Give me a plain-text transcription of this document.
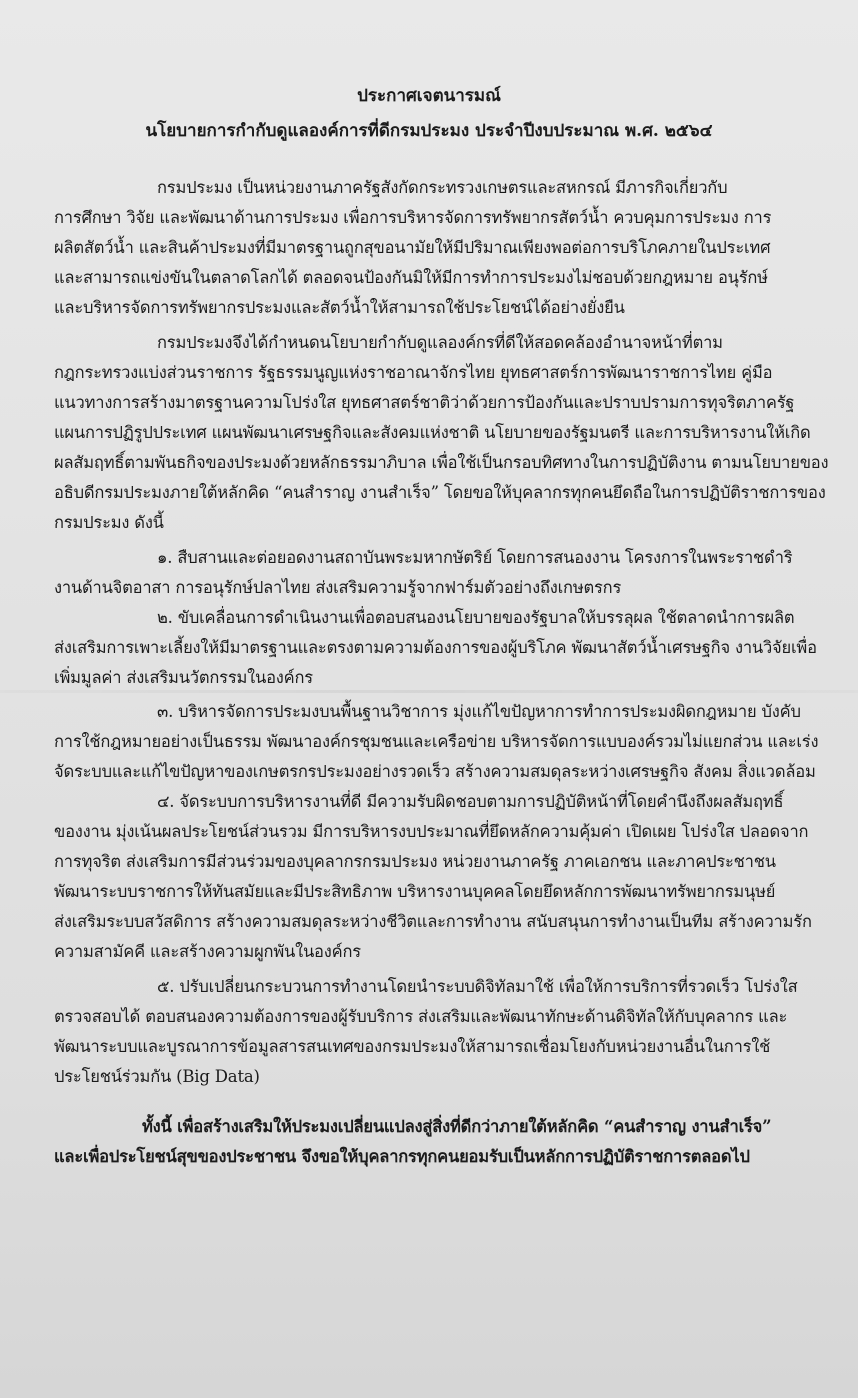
ประกาศเจตนารมณ์
นโยบายการกำกับดูแลองค์การที่ดีกรมประมง ประจำปีงบประมาณ พ.ศ. ๒๕๖๔
กรมประมง เป็นหน่วยงานภาครัฐสังกัดกระทรวงเกษตรและสหกรณ์ มีภารกิจเกี่ยวกับ
การศึกษา วิจัย และพัฒนาด้านการประมง เพื่อการบริหารจัดการทรัพยากรสัตว์น้ำ ควบคุมการประมง การ
ผลิตสัตว์น้ำ และสินค้าประมงที่มีมาตรฐานถูกสุขอนามัยให้มีปริมาณเพียงพอต่อการบริโภคภายในประเทศ
และสามารถแข่งขันในตลาดโลกได้ ตลอดจนป้องกันมิให้มีการทำการประมงไม่ชอบด้วยกฎหมาย อนุรักษ์
และบริหารจัดการทรัพยากรประมงและสัตว์น้ำให้สามารถใช้ประโยชน์ได้อย่างยั่งยืน
กรมประมงจึงได้กำหนดนโยบายกำกับดูแลองค์กรที่ดีให้สอดคล้องอำนาจหน้าที่ตาม
กฎกระทรวงแบ่งส่วนราชการ รัฐธรรมนูญแห่งราชอาณาจักรไทย ยุทธศาสตร์การพัฒนาราชการไทย คู่มือ
แนวทางการสร้างมาตรฐานความโปร่งใส ยุทธศาสตร์ชาติว่าด้วยการป้องกันและปราบปรามการทุจริตภาครัฐ
แผนการปฏิรูปประเทศ แผนพัฒนาเศรษฐกิจและสังคมแห่งชาติ นโยบายของรัฐมนตรี และการบริหารงานให้เกิด
ผลสัมฤทธิ์ตามพันธกิจของประมงด้วยหลักธรรมาภิบาล เพื่อใช้เป็นกรอบทิศทางในการปฏิบัติงาน ตามนโยบายของ
อธิบดีกรมประมงภายใต้หลักคิด “คนสำราญ งานสำเร็จ” โดยขอให้บุคลากรทุกคนยึดถือในการปฏิบัติราชการของ
กรมประมง ดังนี้
๑. สืบสานและต่อยอดงานสถาบันพระมหากษัตริย์ โดยการสนองงาน โครงการในพระราชดำริ
งานด้านจิตอาสา การอนุรักษ์ปลาไทย ส่งเสริมความรู้จากฟาร์มตัวอย่างถึงเกษตรกร
๒. ขับเคลื่อนการดำเนินงานเพื่อตอบสนองนโยบายของรัฐบาลให้บรรลุผล ใช้ตลาดนำการผลิต
ส่งเสริมการเพาะเลี้ยงให้มีมาตรฐานและตรงตามความต้องการของผู้บริโภค พัฒนาสัตว์น้ำเศรษฐกิจ งานวิจัยเพื่อ
เพิ่มมูลค่า ส่งเสริมนวัตกรรมในองค์กร
๓. บริหารจัดการประมงบนพื้นฐานวิชาการ มุ่งแก้ไขปัญหาการทำการประมงผิดกฎหมาย บังคับ
การใช้กฎหมายอย่างเป็นธรรม พัฒนาองค์กรชุมชนและเครือข่าย บริหารจัดการแบบองค์รวมไม่แยกส่วน และเร่ง
จัดระบบและแก้ไขปัญหาของเกษตรกรประมงอย่างรวดเร็ว สร้างความสมดุลระหว่างเศรษฐกิจ สังคม สิ่งแวดล้อม
๔. จัดระบบการบริหารงานที่ดี มีความรับผิดชอบตามการปฏิบัติหน้าที่โดยคำนึงถึงผลสัมฤทธิ์
ของงาน มุ่งเน้นผลประโยชน์ส่วนรวม มีการบริหารงบประมาณที่ยึดหลักความคุ้มค่า เปิดเผย โปร่งใส ปลอดจาก
การทุจริต ส่งเสริมการมีส่วนร่วมของบุคลากรกรมประมง หน่วยงานภาครัฐ ภาคเอกชน และภาคประชาชน
พัฒนาระบบราชการให้ทันสมัยและมีประสิทธิภาพ บริหารงานบุคคลโดยยึดหลักการพัฒนาทรัพยากรมนุษย์
ส่งเสริมระบบสวัสดิการ สร้างความสมดุลระหว่างชีวิตและการทำงาน สนับสนุนการทำงานเป็นทีม สร้างความรัก
ความสามัคคี และสร้างความผูกพันในองค์กร
๕. ปรับเปลี่ยนกระบวนการทำงานโดยนำระบบดิจิทัลมาใช้ เพื่อให้การบริการที่รวดเร็ว โปร่งใส
ตรวจสอบได้ ตอบสนองความต้องการของผู้รับบริการ ส่งเสริมและพัฒนาทักษะด้านดิจิทัลให้กับบุคลากร และ
พัฒนาระบบและบูรณาการข้อมูลสารสนเทศของกรมประมงให้สามารถเชื่อมโยงกับหน่วยงานอื่นในการใช้
ประโยชน์ร่วมกัน (Big Data)
ทั้งนี้ เพื่อสร้างเสริมให้ประมงเปลี่ยนแปลงสู่สิ่งที่ดีกว่าภายใต้หลักคิด “คนสำราญ งานสำเร็จ”
และเพื่อประโยชน์สุขของประชาชน จึงขอให้บุคลากรทุกคนยอมรับเป็นหลักการปฏิบัติราชการตลอดไป
